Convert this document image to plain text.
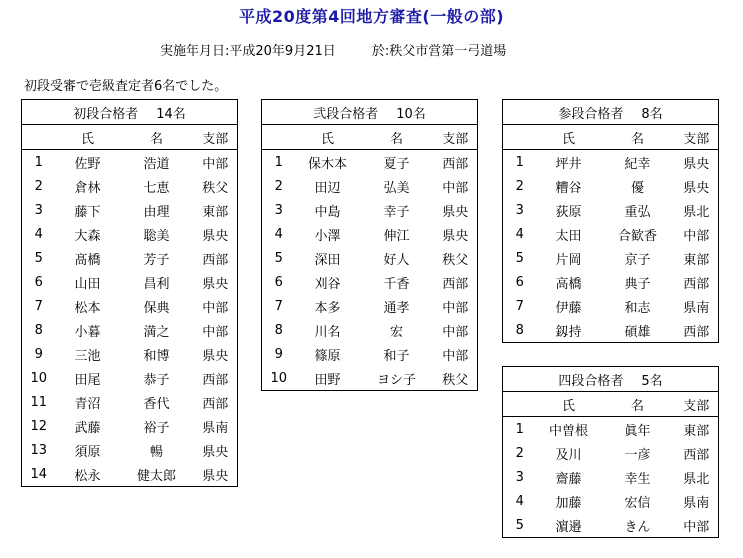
平成20度第4回地方審査(一般の部)
実施年月日:平成20年9月21日	於:秩父市営第一弓道場
初段受審で壱級査定者6名でした。
初段合格者 14名			
	氏	名	支部
1	佐野	浩道	中部
2	倉林	七恵	秩父
3	藤下	由理	東部
4	大森	聡美	県央
5	髙橋	芳子	西部
6	山田	昌利	県央
7	松本	保典	中部
8	小暮	満之	中部
9	三池	和博	県央
10	田尾	恭子	西部
11	青沼	香代	西部
12	武藤	裕子	県南
13	須原	暢	県央
14	松永	健太郎	県央
弐段合格者 10名			
	氏	名	支部
1	保木本	夏子	西部
2	田辺	弘美	中部
3	中島	幸子	県央
4	小澤	伸江	県央
5	深田	好人	秩父
6	刈谷	千香	西部
7	本多	通孝	中部
8	川名	宏	中部
9	篠原	和子	中部
10	田野	ヨシ子	秩父
参段合格者 8名			
	氏	名	支部
1	坪井	紀幸	県央
2	糟谷	優	県央
3	荻原	重弘	県北
4	太田	合歓香	中部
5	片岡	京子	東部
6	高橋	典子	西部
7	伊藤	和志	県南
8	釼持	碩雄	西部
四段合格者 5名			
	氏	名	支部
1	中曽根	眞年	東部
2	及川	一彦	西部
3	齋藤	幸生	県北
4	加藤	宏信	県南
5	濵邉	きん	中部
